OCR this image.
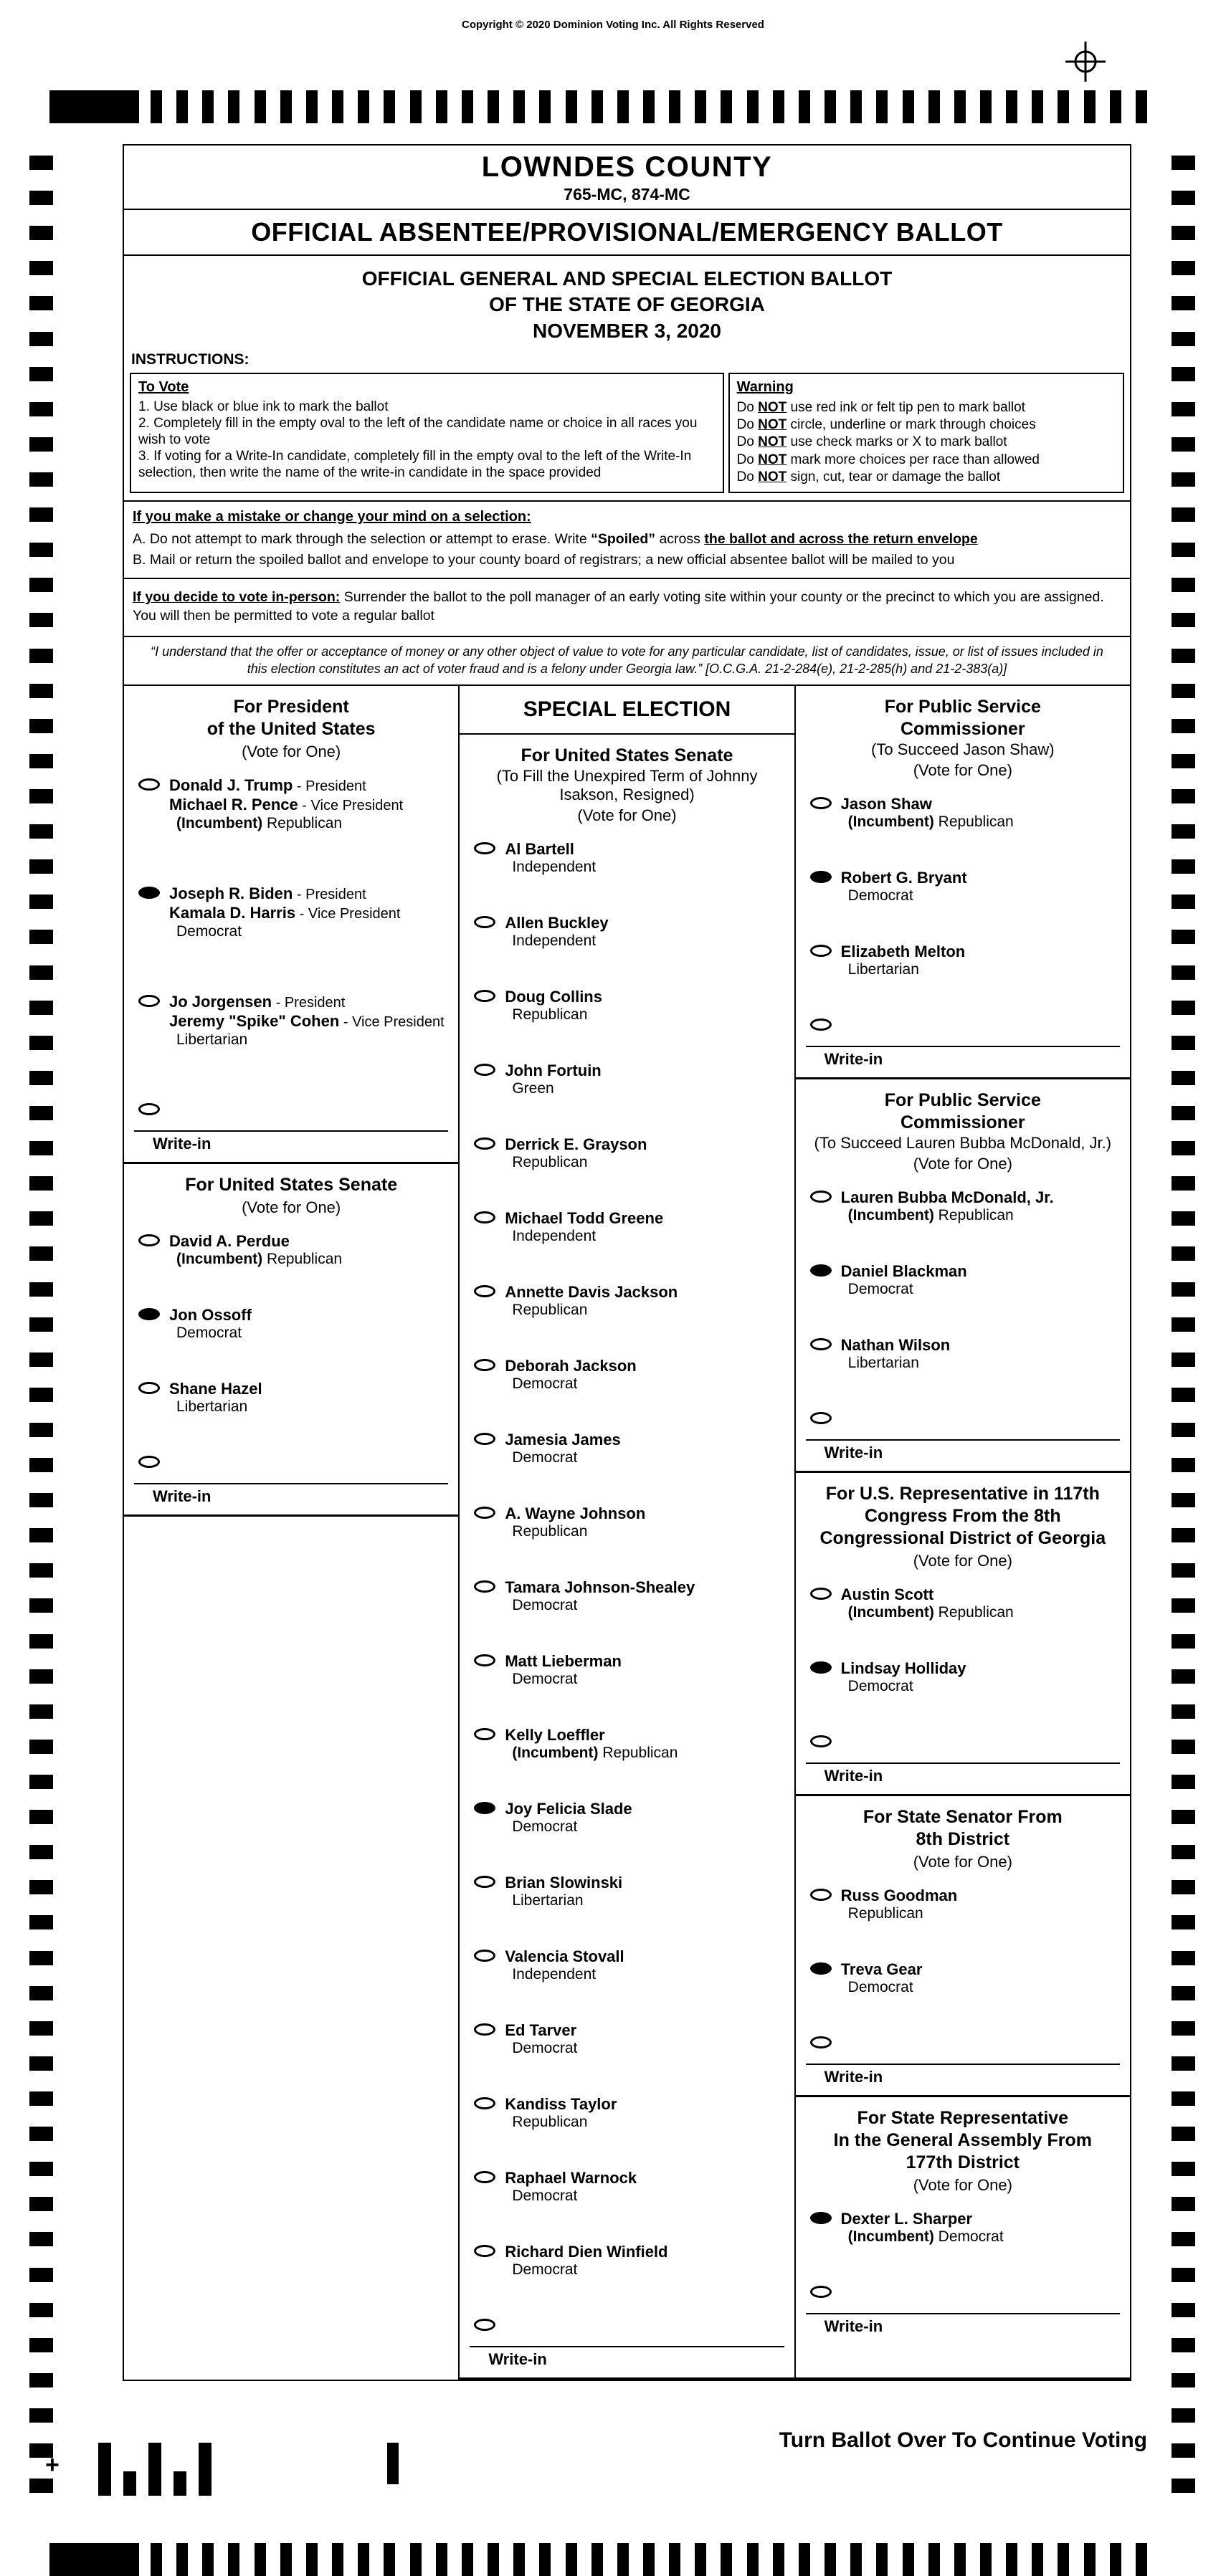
Copyright © 2020 Dominion Voting Inc. All Rights Reserved
LOWNDES COUNTY
765-MC, 874-MC
OFFICIAL ABSENTEE/PROVISIONAL/EMERGENCY BALLOT
OFFICIAL GENERAL AND SPECIAL ELECTION BALLOT
OF THE STATE OF GEORGIA
NOVEMBER 3, 2020
INSTRUCTIONS:
To Vote
1. Use black or blue ink to mark the ballot
2. Completely fill in the empty oval to the left of the candidate name or choice in all races you wish to vote
3. If voting for a Write-In candidate, completely fill in the empty oval to the left of the Write-In selection, then write the name of the write-in candidate in the space provided
Warning
Do NOT use red ink or felt tip pen to mark ballot
Do NOT circle, underline or mark through choices
Do NOT use check marks or X to mark ballot
Do NOT mark more choices per race than allowed
Do NOT sign, cut, tear or damage the ballot
If you make a mistake or change your mind on a selection:
A. Do not attempt to mark through the selection or attempt to erase. Write “Spoiled” across the ballot and across the return envelope
B. Mail or return the spoiled ballot and envelope to your county board of registrars; a new official absentee ballot will be mailed to you
If you decide to vote in-person: Surrender the ballot to the poll manager of an early voting site within your county or the precinct to which you are assigned. You will then be permitted to vote a regular ballot
“I understand that the offer or acceptance of money or any other object of value to vote for any particular candidate, list of candidates, issue, or list of issues included in this election constitutes an act of voter fraud and is a felony under Georgia law.” [O.C.G.A. 21-2-284(e), 21-2-285(h) and 21-2-383(a)]
For President
of the United States
(Vote for One)
Donald J. Trump - President
Michael R. Pence - Vice President
(Incumbent) Republican
Joseph R. Biden - President
Kamala D. Harris - Vice President
Democrat
Jo Jorgensen - President
Jeremy "Spike" Cohen - Vice President
Libertarian
Write-in
For United States Senate
(Vote for One)
David A. Perdue
(Incumbent) Republican
Jon Ossoff
Democrat
Shane Hazel
Libertarian
Write-in
SPECIAL ELECTION
For United States Senate
(To Fill the Unexpired Term of Johnny
Isakson, Resigned)
(Vote for One)
Al Bartell
Independent
Allen Buckley
Independent
Doug Collins
Republican
John Fortuin
Green
Derrick E. Grayson
Republican
Michael Todd Greene
Independent
Annette Davis Jackson
Republican
Deborah Jackson
Democrat
Jamesia James
Democrat
A. Wayne Johnson
Republican
Tamara Johnson-Shealey
Democrat
Matt Lieberman
Democrat
Kelly Loeffler
(Incumbent) Republican
Joy Felicia Slade
Democrat
Brian Slowinski
Libertarian
Valencia Stovall
Independent
Ed Tarver
Democrat
Kandiss Taylor
Republican
Raphael Warnock
Democrat
Richard Dien Winfield
Democrat
Write-in
For Public Service
Commissioner
(To Succeed Jason Shaw)
(Vote for One)
Jason Shaw
(Incumbent) Republican
Robert G. Bryant
Democrat
Elizabeth Melton
Libertarian
Write-in
For Public Service
Commissioner
(To Succeed Lauren Bubba McDonald, Jr.)
(Vote for One)
Lauren Bubba McDonald, Jr.
(Incumbent) Republican
Daniel Blackman
Democrat
Nathan Wilson
Libertarian
Write-in
For U.S. Representative in 117th
Congress From the 8th
Congressional District of Georgia
(Vote for One)
Austin Scott
(Incumbent) Republican
Lindsay Holliday
Democrat
Write-in
For State Senator From
8th District
(Vote for One)
Russ Goodman
Republican
Treva Gear
Democrat
Write-in
For State Representative
In the General Assembly From
177th District
(Vote for One)
Dexter L. Sharper
(Incumbent) Democrat
Write-in
Turn Ballot Over To Continue Voting
+
